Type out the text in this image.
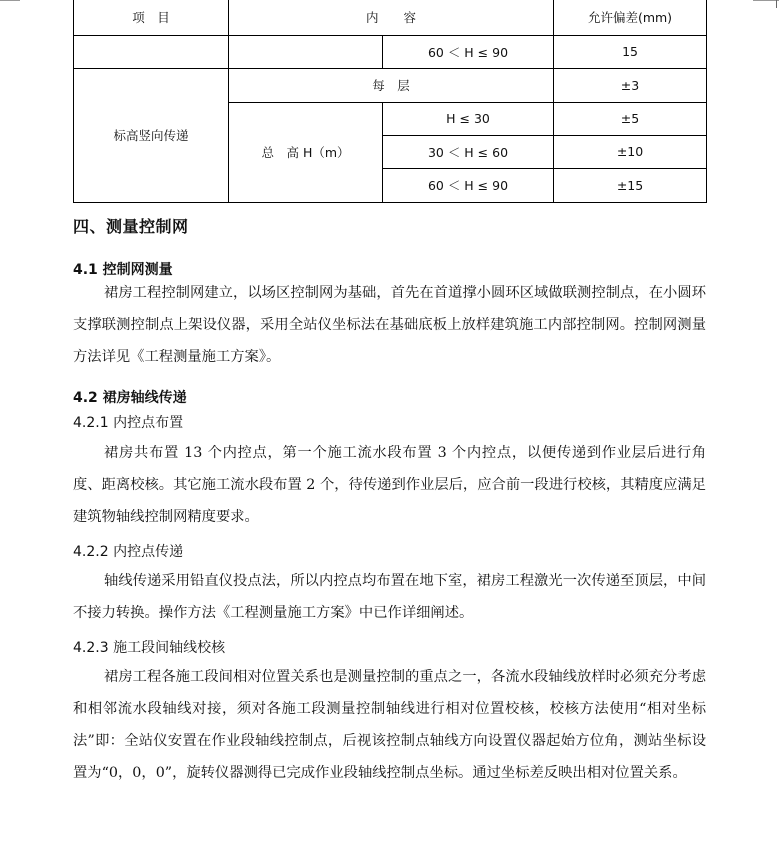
项　目	内　　容		允许偏差(mm)
		60 ＜ H ≤ 90	15
标高竖向传递	每　层		±3
	总　高 H（m）	H ≤ 30	±5
		30 ＜ H ≤ 60	±10
		60 ＜ H ≤ 90	±15
四、测量控制网
4.1 控制网测量
裙房工程控制网建立，以场区控制网为基础，首先在首道撑小圆环区域做联测控制点，在小圆环支撑联测控制点上架设仪器，采用全站仪坐标法在基础底板上放样建筑施工内部控制网。控制网测量方法详见《工程测量施工方案》。
4.2 裙房轴线传递
4.2.1 内控点布置
裙房共布置 13 个内控点，第一个施工流水段布置 3 个内控点，以便传递到作业层后进行角度、距离校核。其它施工流水段布置 2 个，待传递到作业层后，应合前一段进行校核，其精度应满足建筑物轴线控制网精度要求。
4.2.2 内控点传递
轴线传递采用铅直仪投点法，所以内控点均布置在地下室，裙房工程激光一次传递至顶层，中间不接力转换。操作方法《工程测量施工方案》中已作详细阐述。
4.2.3 施工段间轴线校核
裙房工程各施工段间相对位置关系也是测量控制的重点之一，各流水段轴线放样时必须充分考虑和相邻流水段轴线对接，须对各施工段测量控制轴线进行相对位置校核，校核方法使用“相对坐标法”即：全站仪安置在作业段轴线控制点，后视该控制点轴线方向设置仪器起始方位角，测站坐标设置为“0，0，0”，旋转仪器测得已完成作业段轴线控制点坐标。通过坐标差反映出相对位置关系。
